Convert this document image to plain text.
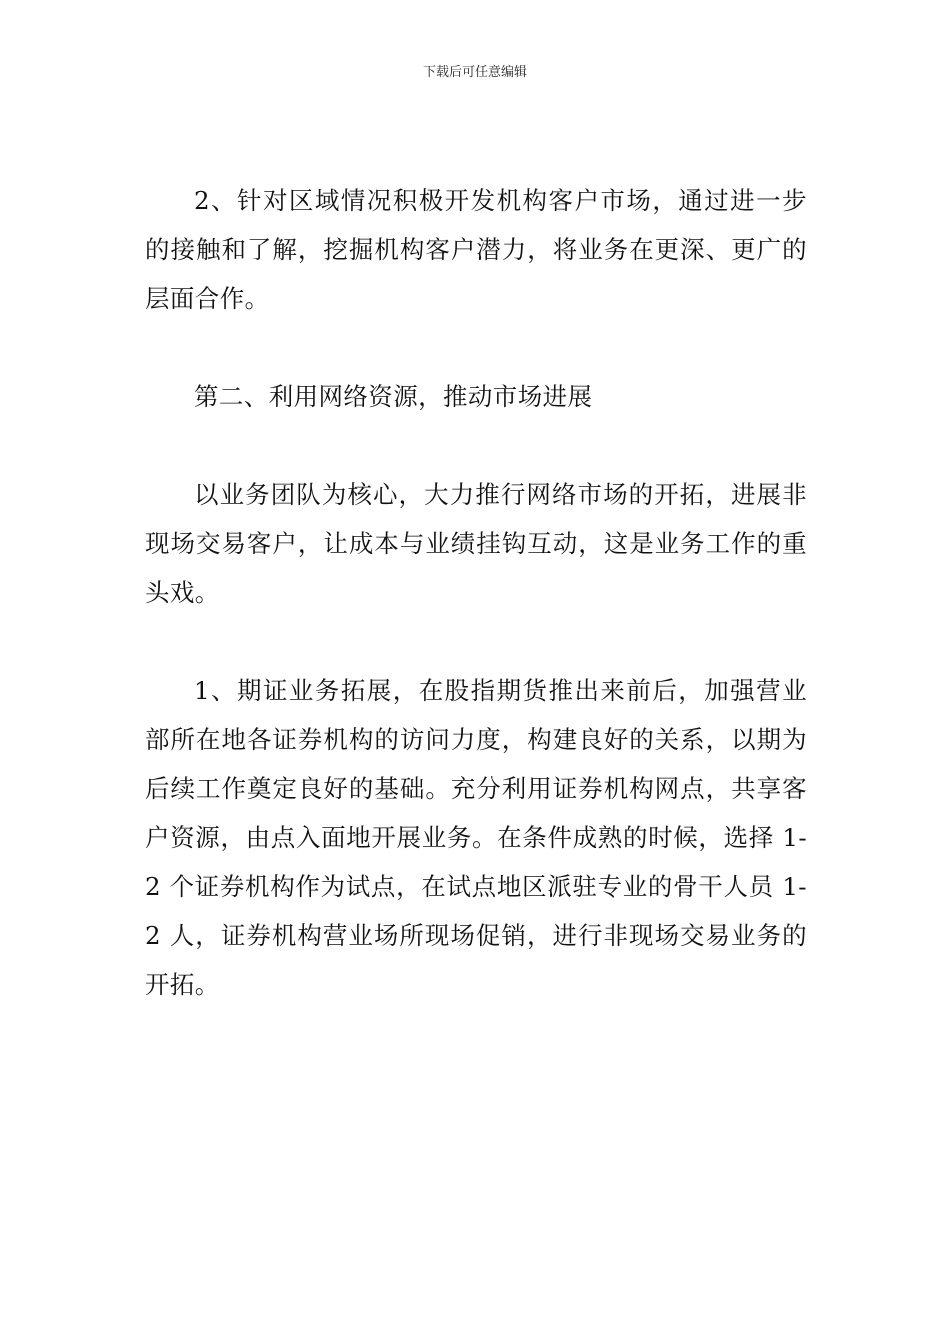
下载后可任意编辑

2、针对区域情况积极开发机构客户市场，通过进一步的接触和了解，挖掘机构客户潜力，将业务在更深、更广的层面合作。

第二、利用网络资源，推动市场进展

以业务团队为核心，大力推行网络市场的开拓，进展非现场交易客户，让成本与业绩挂钩互动，这是业务工作的重头戏。

1、期证业务拓展，在股指期货推出来前后，加强营业部所在地各证券机构的访问力度，构建良好的关系，以期为后续工作奠定良好的基础。充分利用证券机构网点，共享客户资源，由点入面地开展业务。在条件成熟的时候，选择 1-2 个证券机构作为试点，在试点地区派驻专业的骨干人员 1-2 人，证券机构营业场所现场促销，进行非现场交易业务的开拓。
